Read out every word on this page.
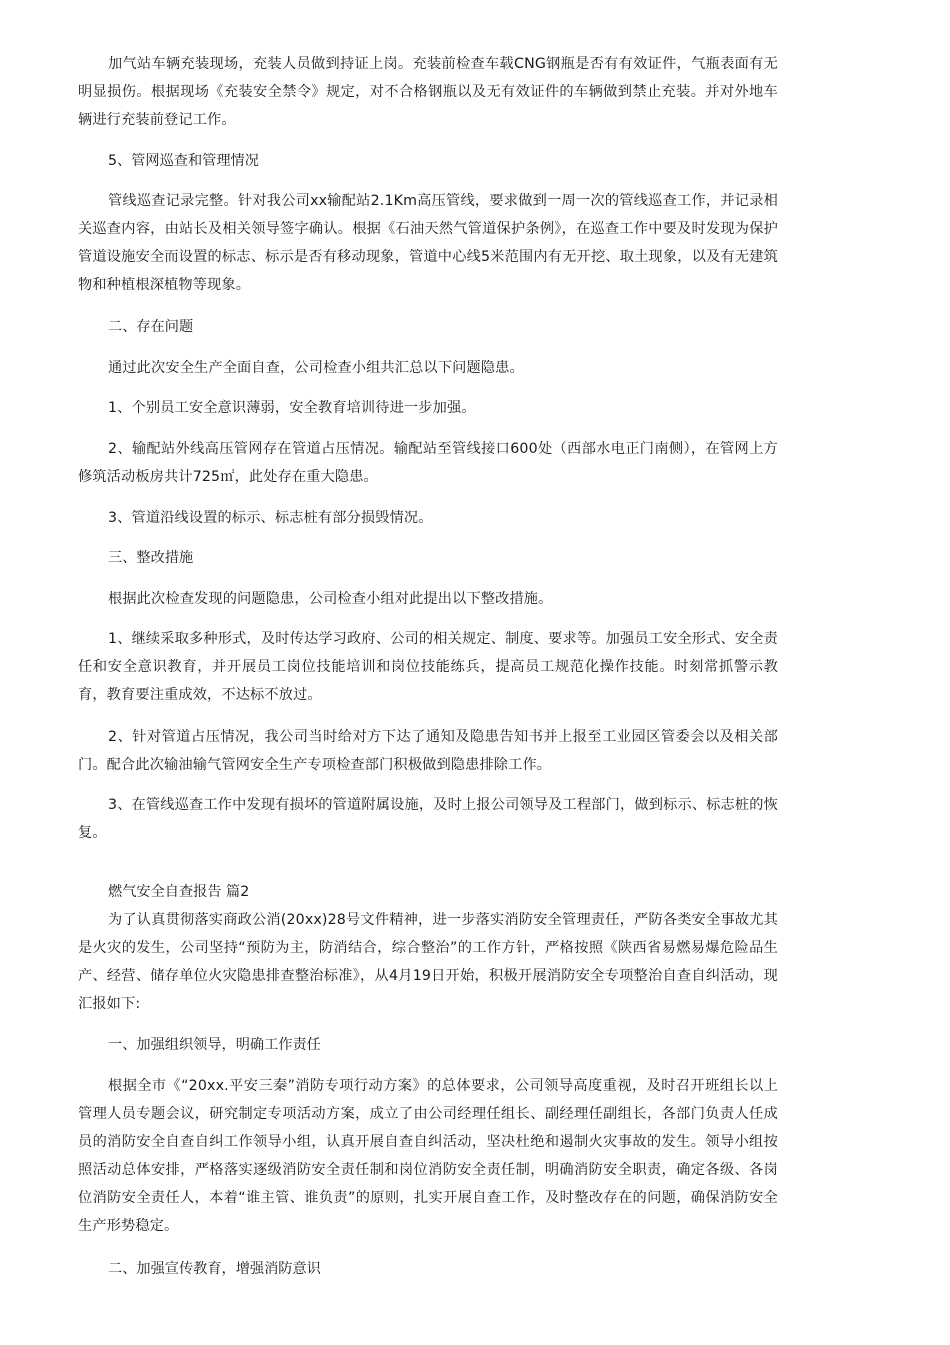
加气站车辆充装现场，充装人员做到持证上岗。充装前检查车载CNG钢瓶是否有有效证件，气瓶表面有无明显损伤。根据现场《充装安全禁令》规定，对不合格钢瓶以及无有效证件的车辆做到禁止充装。并对外地车辆进行充装前登记工作。

5、管网巡查和管理情况

管线巡查记录完整。针对我公司xx输配站2.1Km高压管线，要求做到一周一次的管线巡查工作，并记录相关巡查内容，由站长及相关领导签字确认。根据《石油天然气管道保护条例》，在巡查工作中要及时发现为保护管道设施安全而设置的标志、标示是否有移动现象，管道中心线5米范围内有无开挖、取土现象，以及有无建筑物和种植根深植物等现象。

二、存在问题

通过此次安全生产全面自查，公司检查小组共汇总以下问题隐患。

1、个别员工安全意识薄弱，安全教育培训待进一步加强。

2、输配站外线高压管网存在管道占压情况。输配站至管线接口600处（西部水电正门南侧），在管网上方修筑活动板房共计725㎡，此处存在重大隐患。

3、管道沿线设置的标示、标志桩有部分损毁情况。

三、整改措施

根据此次检查发现的问题隐患，公司检查小组对此提出以下整改措施。

1、继续采取多种形式，及时传达学习政府、公司的相关规定、制度、要求等。加强员工安全形式、安全责任和安全意识教育，并开展员工岗位技能培训和岗位技能练兵，提高员工规范化操作技能。时刻常抓警示教育，教育要注重成效，不达标不放过。

2、针对管道占压情况，我公司当时给对方下达了通知及隐患告知书并上报至工业园区管委会以及相关部门。配合此次输油输气管网安全生产专项检查部门积极做到隐患排除工作。

3、在管线巡查工作中发现有损坏的管道附属设施，及时上报公司领导及工程部门，做到标示、标志桩的恢复。

燃气安全自查报告 篇2

为了认真贯彻落实商政公消(20xx)28号文件精神，进一步落实消防安全管理责任，严防各类安全事故尤其是火灾的发生，公司坚持“预防为主，防消结合，综合整治”的工作方针，严格按照《陕西省易燃易爆危险品生产、经营、储存单位火灾隐患排查整治标准》，从4月19日开始，积极开展消防安全专项整治自查自纠活动，现汇报如下:

一、加强组织领导，明确工作责任

根据全市《“20xx.平安三秦”消防专项行动方案》的总体要求，公司领导高度重视，及时召开班组长以上管理人员专题会议，研究制定专项活动方案，成立了由公司经理任组长、副经理任副组长，各部门负责人任成员的消防安全自查自纠工作领导小组，认真开展自查自纠活动，坚决杜绝和遏制火灾事故的发生。领导小组按照活动总体安排，严格落实逐级消防安全责任制和岗位消防安全责任制，明确消防安全职责，确定各级、各岗位消防安全责任人，本着“谁主管、谁负责”的原则，扎实开展自查工作，及时整改存在的问题，确保消防安全生产形势稳定。

二、加强宣传教育，增强消防意识
